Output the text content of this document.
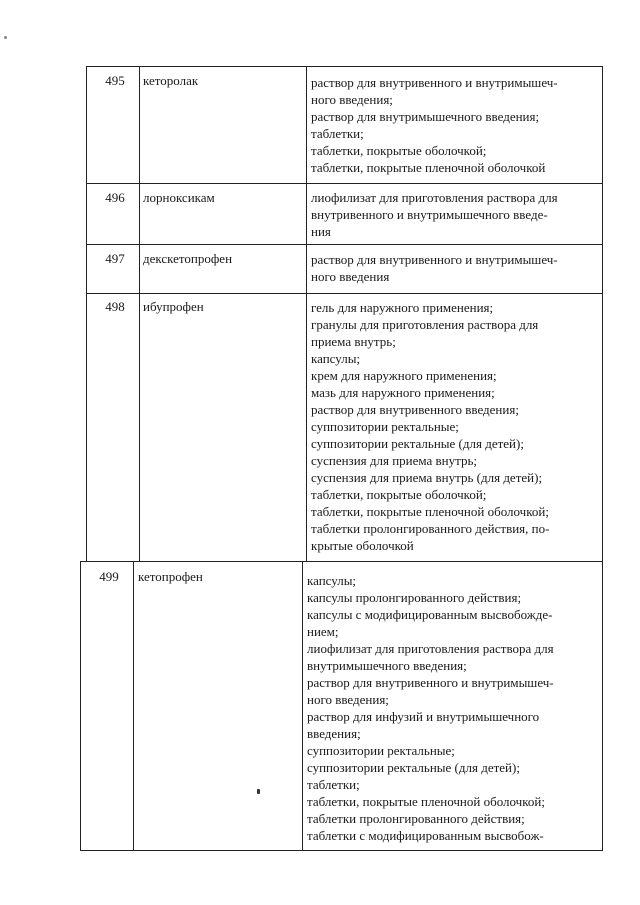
495	кеторолак	раствор для внутривенного и внутримышеч-
ного введения;
раствор для внутримышечного введения;
таблетки;
таблетки, покрытые оболочкой;
таблетки, покрытые пленочной оболочкой
496	лорноксикам	лиофилизат для приготовления раствора для
внутривенного и внутримышечного введе-
ния
497	декскетопрофен	раствор для внутривенного и внутримышеч-
ного введения
498	ибупрофен	гель для наружного применения;
гранулы для приготовления раствора для
приема внутрь;
капсулы;
крем для наружного применения;
мазь для наружного применения;
раствор для внутривенного введения;
суппозитории ректальные;
суппозитории ректальные (для детей);
суспензия для приема внутрь;
суспензия для приема внутрь (для детей);
таблетки, покрытые оболочкой;
таблетки, покрытые пленочной оболочкой;
таблетки пролонгированного действия, по-
крытые оболочкой
499	кетопрофен	капсулы;
капсулы пролонгированного действия;
капсулы с модифицированным высвобожде-
нием;
лиофилизат для приготовления раствора для
внутримышечного введения;
раствор для внутривенного и внутримышеч-
ного введения;
раствор для инфузий и внутримышечного
введения;
суппозитории ректальные;
суппозитории ректальные (для детей);
таблетки;
таблетки, покрытые пленочной оболочкой;
таблетки пролонгированного действия;
таблетки с модифицированным высвобож-
